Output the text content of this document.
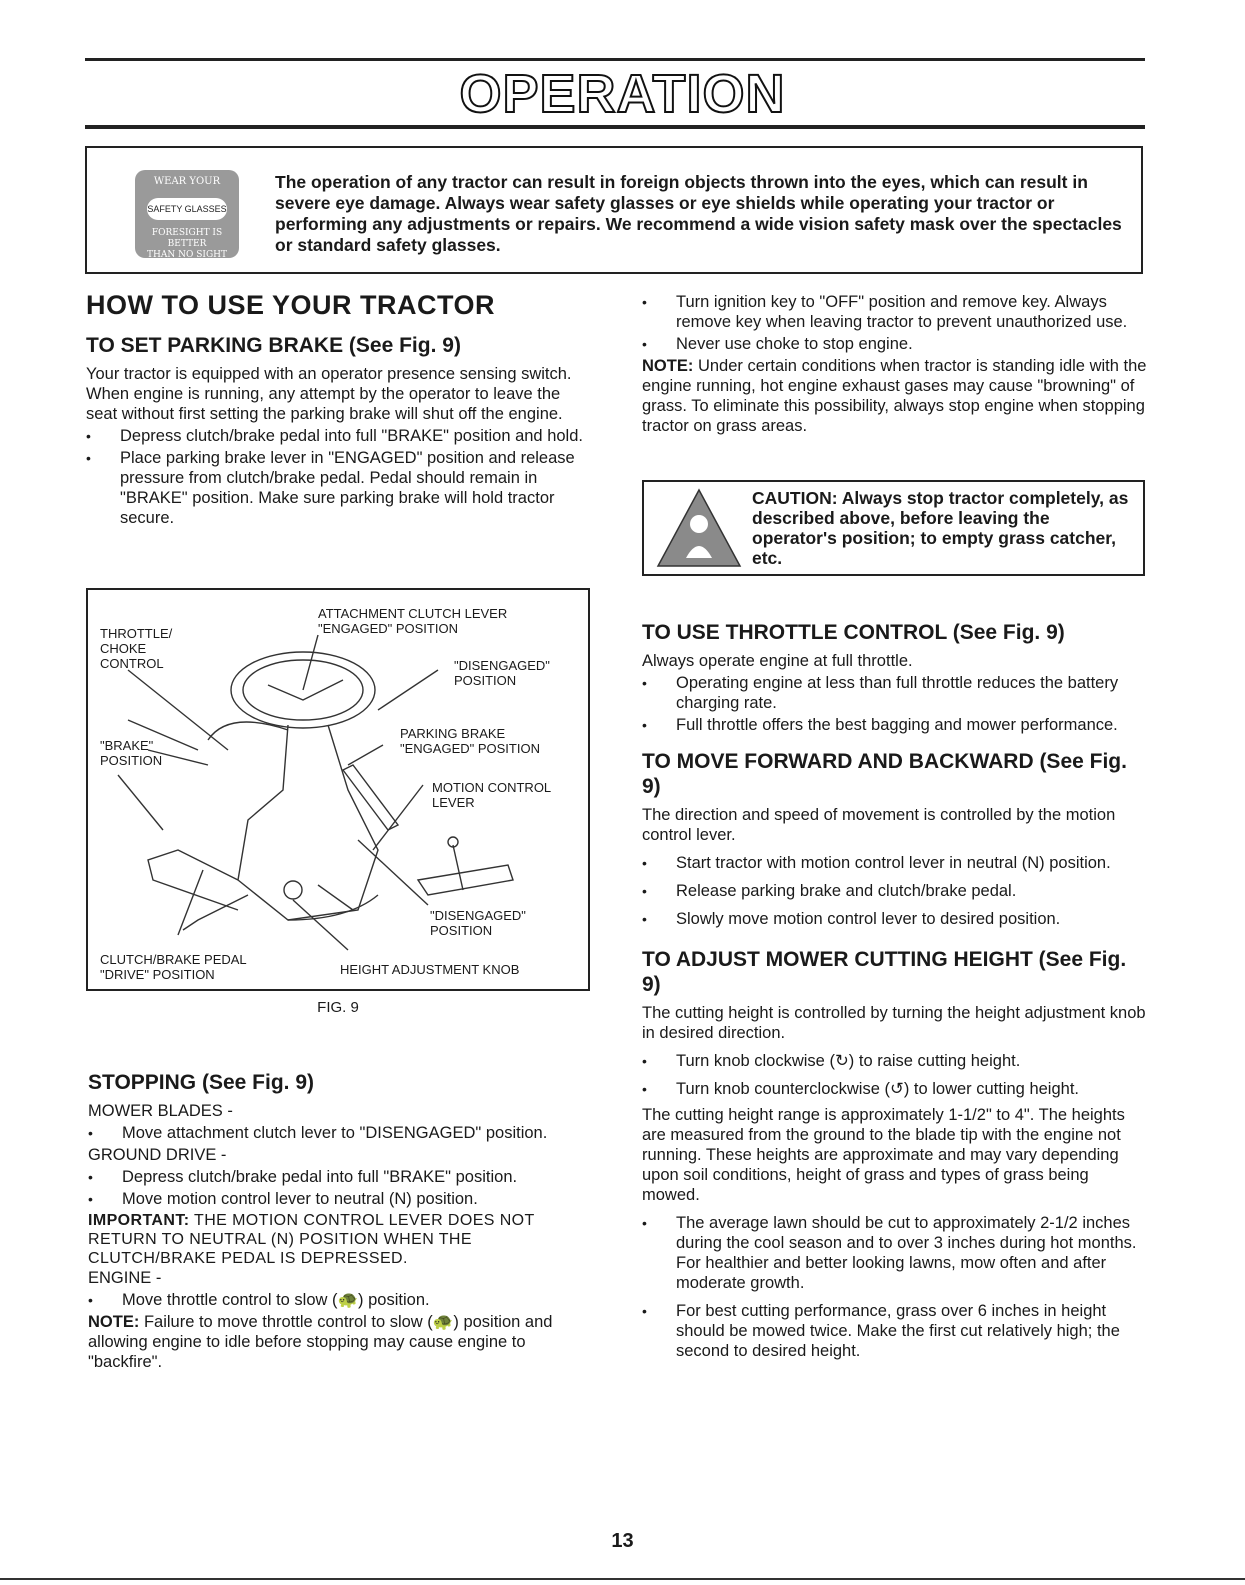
OPERATION
WEAR YOUR
SAFETY GLASSES
FORESIGHT IS BETTER
THAN NO SIGHT
The operation of any tractor can result in foreign objects thrown into the eyes, which can result in severe eye damage. Always wear safety glasses or eye shields while operating your tractor or performing any adjustments or repairs. We recommend a wide vision safety mask over the spectacles or standard safety glasses.
HOW TO USE YOUR TRACTOR
TO SET PARKING BRAKE (See Fig. 9)

Your tractor is equipped with an operator presence sensing switch. When engine is running, any attempt by the operator to leave the seat without first setting the parking brake will shut off the engine.

• Depress clutch/brake pedal into full "BRAKE" position and hold.
• Place parking brake lever in "ENGAGED" position and release pressure from clutch/brake pedal. Pedal should remain in "BRAKE" position. Make sure parking brake will hold tractor secure.
THROTTLE/
CHOKE
CONTROL
ATTACHMENT CLUTCH LEVER
"ENGAGED" POSITION
"DISENGAGED"
POSITION
"BRAKE"
POSITION
PARKING BRAKE
"ENGAGED" POSITION
MOTION CONTROL
LEVER
"DISENGAGED"
POSITION
CLUTCH/BRAKE PEDAL
"DRIVE" POSITION	HEIGHT ADJUSTMENT KNOB
FIG. 9
STOPPING (See Fig. 9)

MOWER BLADES -

• Move attachment clutch lever to "DISENGAGED" position.

GROUND DRIVE -

• Depress clutch/brake pedal into full "BRAKE" position.
• Move motion control lever to neutral (N) position.

IMPORTANT: THE MOTION CONTROL LEVER DOES NOT RETURN TO NEUTRAL (N) POSITION WHEN THE CLUTCH/BRAKE PEDAL IS DEPRESSED.

ENGINE -

• Move throttle control to slow (🐢) position.

NOTE: Failure to move throttle control to slow (🐢) position and allowing engine to idle before stopping may cause engine to "backfire".

• Turn ignition key to "OFF" position and remove key. Always remove key when leaving tractor to prevent unauthorized use.
• Never use choke to stop engine.

NOTE: Under certain conditions when tractor is standing idle with the engine running, hot engine exhaust gases may cause "browning" of grass. To eliminate this possibility, always stop engine when stopping tractor on grass areas.

CAUTION: Always stop tractor completely, as described above, before leaving the operator's position; to empty grass catcher, etc.
TO USE THROTTLE CONTROL (See Fig. 9)

Always operate engine at full throttle.

• Operating engine at less than full throttle reduces the battery charging rate.
• Full throttle offers the best bagging and mower performance.
TO MOVE FORWARD AND BACKWARD (See Fig. 9)

The direction and speed of movement is controlled by the motion control lever.

• Start tractor with motion control lever in neutral (N) position.
• Release parking brake and clutch/brake pedal.
• Slowly move motion control lever to desired position.
TO ADJUST MOWER CUTTING HEIGHT (See Fig. 9)

The cutting height is controlled by turning the height adjustment knob in desired direction.

• Turn knob clockwise (↻) to raise cutting height.
• Turn knob counterclockwise (↺) to lower cutting height.

The cutting height range is approximately 1-1/2" to 4". The heights are measured from the ground to the blade tip with the engine not running. These heights are approximate and may vary depending upon soil conditions, height of grass and types of grass being mowed.

• The average lawn should be cut to approximately 2-1/2 inches during the cool season and to over 3 inches during hot months. For healthier and better looking lawns, mow often and after moderate growth.
• For best cutting performance, grass over 6 inches in height should be mowed twice. Make the first cut relatively high; the second to desired height.
13
